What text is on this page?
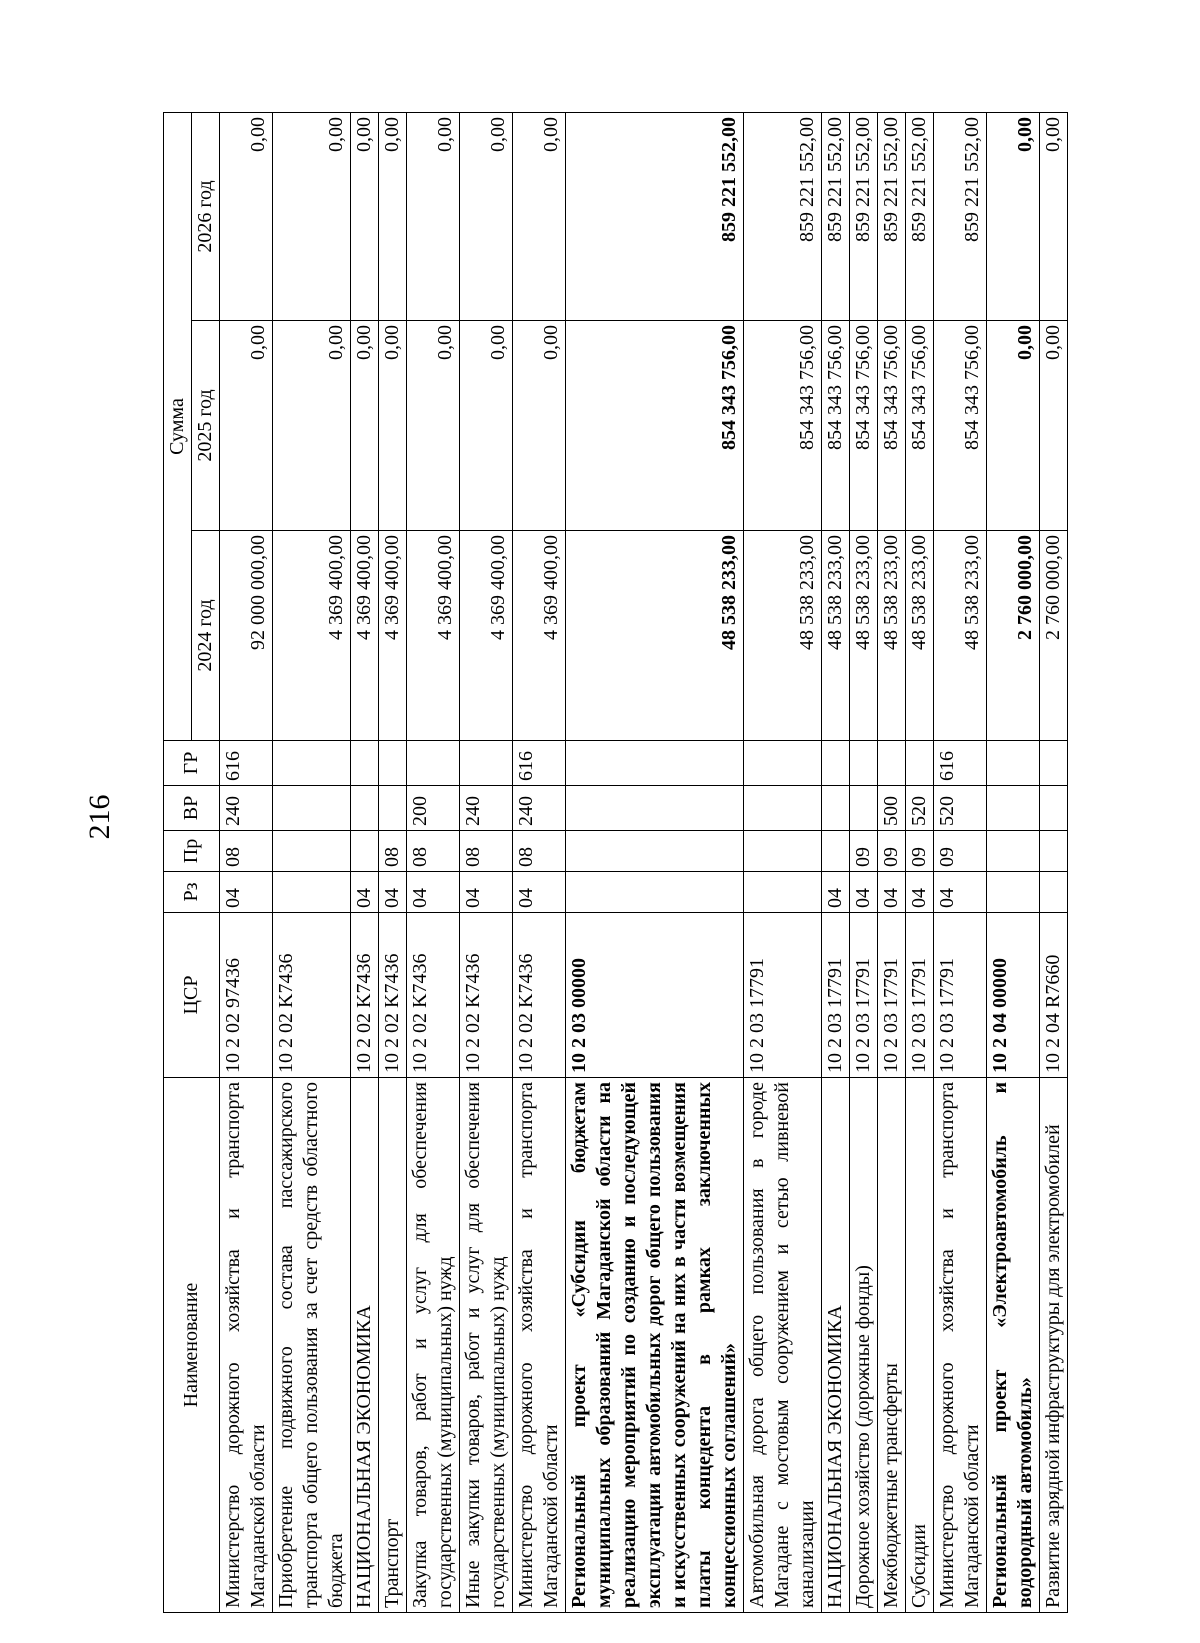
216
Наименование	ЦСР	Рз	Пр	ВР	ГР	Сумма		
						2024 год	2025 год	2026 год
Министерство дорожного хозяйства и транспорта Магаданской области	10 2 02 97436	04	08	240	616	92 000 000,00	0,00	0,00
Приобретение подвижного состава пассажирского транспорта общего пользования за счет средств областного бюджета	10 2 02 K7436					4 369 400,00	0,00	0,00
НАЦИОНАЛЬНАЯ ЭКОНОМИКА	10 2 02 K7436	04				4 369 400,00	0,00	0,00
Транспорт	10 2 02 K7436	04	08			4 369 400,00	0,00	0,00
Закупка товаров, работ и услуг для обеспечения государственных (муниципальных) нужд	10 2 02 K7436	04	08	200		4 369 400,00	0,00	0,00
Иные закупки товаров, работ и услуг для обеспечения государственных (муниципальных) нужд	10 2 02 K7436	04	08	240		4 369 400,00	0,00	0,00
Министерство дорожного хозяйства и транспорта Магаданской области	10 2 02 K7436	04	08	240	616	4 369 400,00	0,00	0,00
Региональный проект «Субсидии бюджетам муниципальных образований Магаданской области на реализацию мероприятий по созданию и последующей эксплуатации автомобильных дорог общего пользования и искусственных сооружений на них в части возмещения платы концедента в рамках заключенных концессионных соглашений»	10 2 03 00000					48 538 233,00	854 343 756,00	859 221 552,00
Автомобильная дорога общего пользования в городе Магадане с мостовым сооружением и сетью ливневой канализации	10 2 03 17791					48 538 233,00	854 343 756,00	859 221 552,00
НАЦИОНАЛЬНАЯ ЭКОНОМИКА	10 2 03 17791	04				48 538 233,00	854 343 756,00	859 221 552,00
Дорожное хозяйство (дорожные фонды)	10 2 03 17791	04	09			48 538 233,00	854 343 756,00	859 221 552,00
Межбюджетные трансферты	10 2 03 17791	04	09	500		48 538 233,00	854 343 756,00	859 221 552,00
Субсидии	10 2 03 17791	04	09	520		48 538 233,00	854 343 756,00	859 221 552,00
Министерство дорожного хозяйства и транспорта Магаданской области	10 2 03 17791	04	09	520	616	48 538 233,00	854 343 756,00	859 221 552,00
Региональный проект «Электроавтомобиль и водородный автомобиль»	10 2 04 00000					2 760 000,00	0,00	0,00
Развитие зарядной инфраструктуры для электромобилей	10 2 04 R7660					2 760 000,00	0,00	0,00
